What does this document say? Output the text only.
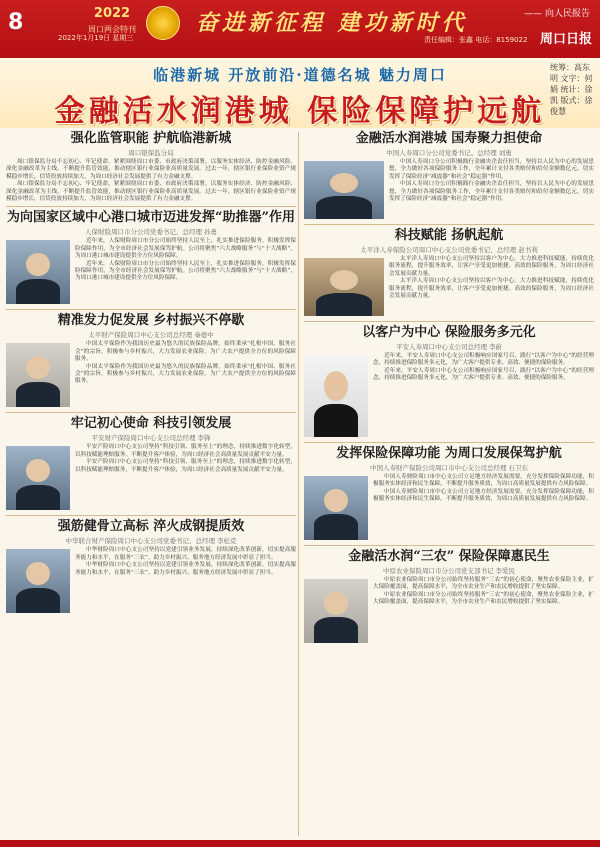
8	2022
周口两会特刊
2022年1月19日 星期三
奋进新征程 建功新时代	—— 向人民报告
周口日报
责任编辑：张鑫 电话：8159022
临港新城 开放前沿·道德名城 魅力周口
金融活水润港城 保险保障护远航
统筹：高东明 文字：何娟 统计：徐凯 版式：徐俊慧
强化监管职能 护航临港新城
周口银保监分局

周口银保监分局不忘初心、牢记使命，紧紧围绕周口市委、市政府决策部署，以服务实体经济、防控金融风险、深化金融改革为主线，不断提升监管效能，推动辖区银行业保险业高质量发展。过去一年，辖区银行业保险业资产规模稳步增长，信贷投放持续加大，为周口经济社会发展提供了有力金融支撑。

周口银保监分局不忘初心、牢记使命，紧紧围绕周口市委、市政府决策部署，以服务实体经济、防控金融风险、深化金融改革为主线，不断提升监管效能，推动辖区银行业保险业高质量发展。过去一年，辖区银行业保险业资产规模稳步增长，信贷投放持续加大，为周口经济社会发展提供了有力金融支撑。

为向国家区域中心港口城市迈进发挥“助推器”作用
人保财险周口市分公司党委书记、总经理 孙勇

近年来，人保财险周口市分公司始终坚持人民至上，扎实推进保险服务，积极发挥保险保障作用，为全市经济社会发展保驾护航。公司将聚焦“六大战略服务”与“十大战略”，为周口港口城市建设提供全方位风险保障。

近年来，人保财险周口市分公司始终坚持人民至上，扎实推进保险服务，积极发挥保险保障作用，为全市经济社会发展保驾护航。公司将聚焦“六大战略服务”与“十大战略”，为周口港口城市建设提供全方位风险保障。

精准发力促发展 乡村振兴不停歇
太平财产保险周口中心支公司总经理 秦德中

中国太平保险作为我国历史最为悠久的民族保险品牌，始终秉承“扎根中国、服务社会”的宗旨，积极参与乡村振兴，大力发展农业保险，为广大农户提供全方位的风险保障服务。

中国太平保险作为我国历史最为悠久的民族保险品牌，始终秉承“扎根中国、服务社会”的宗旨，积极参与乡村振兴，大力发展农业保险，为广大农户提供全方位的风险保障服务。

牢记初心使命 科技引领发展
平安财产保险周口中心支公司总经理 李锋

平安产险周口中心支公司坚持“科技引领、服务至上”的理念，持续推进数字化转型，以科技赋能理赔服务，不断提升客户体验，为周口经济社会高质量发展贡献平安力量。

平安产险周口中心支公司坚持“科技引领、服务至上”的理念，持续推进数字化转型，以科技赋能理赔服务，不断提升客户体验，为周口经济社会高质量发展贡献平安力量。

强筋健骨立高标 淬火成钢提质效
中华联合财产保险周口中心支公司党委书记、总经理 李松克

中华财险周口中心支公司坚持以党建引领业务发展，持续深化改革创新，切实提高服务能力和水平，在服务“三农”、助力乡村振兴、服务地方经济发展中彰显了担当。

中华财险周口中心支公司坚持以党建引领业务发展，持续深化改革创新，切实提高服务能力和水平，在服务“三农”、助力乡村振兴、服务地方经济发展中彰显了担当。

金融活水润港城 国寿聚力担使命
中国人寿周口分公司党委书记、总经理 刘勇

中国人寿周口分公司积极践行金融央企责任担当，坚持以人民为中心的发展思想，全力做好各项保险服务工作，全年累计支付各类赔付和给付金额数亿元，切实发挥了保险经济“减震器”和社会“稳定器”作用。

中国人寿周口分公司积极践行金融央企责任担当，坚持以人民为中心的发展思想，全力做好各项保险服务工作，全年累计支付各类赔付和给付金额数亿元，切实发挥了保险经济“减震器”和社会“稳定器”作用。

科技赋能 扬帆起航
太平洋人寿保险公司周口中心支公司党委书记、总经理 赵书利

太平洋人寿周口中心支公司坚持以客户为中心，大力推进科技赋能，持续优化服务流程，提升服务效率，让客户享受更加便捷、高效的保险服务，为周口经济社会发展贡献力量。

太平洋人寿周口中心支公司坚持以客户为中心，大力推进科技赋能，持续优化服务流程，提升服务效率，让客户享受更加便捷、高效的保险服务，为周口经济社会发展贡献力量。

以客户为中心 保险服务多元化
平安人寿周口中心支公司总经理 李蔚

近年来，平安人寿周口中心支公司积极响应国家号召，践行“以客户为中心”的经营理念，持续推进保险服务多元化，为广大客户提供专业、高效、便捷的保险服务。

近年来，平安人寿周口中心支公司积极响应国家号召，践行“以客户为中心”的经营理念，持续推进保险服务多元化，为广大客户提供专业、高效、便捷的保险服务。

发挥保险保障功能 为周口发展保驾护航
中国人寿财产保险公司周口市中心支公司总经理 石卫东

中国人寿财险周口市中心支公司立足地方经济发展需要，充分发挥保险保障功能，积极服务实体经济和民生保障，不断提升服务质效，为周口高质量发展提供有力风险保障。

中国人寿财险周口市中心支公司立足地方经济发展需要，充分发挥保险保障功能，积极服务实体经济和民生保障，不断提升服务质效，为周口高质量发展提供有力风险保障。

金融活水润“三农” 保险保障惠民生
中原农业保险周口市分公司党支部书记 李爱民

中原农业保险周口市分公司始终坚持服务“三农”的初心使命，聚焦农业保险主业，扩大保险覆盖面，提高保障水平，为全市农业生产和农民增收提供了坚实保障。

中原农业保险周口市分公司始终坚持服务“三农”的初心使命，聚焦农业保险主业，扩大保险覆盖面，提高保障水平，为全市农业生产和农民增收提供了坚实保障。
